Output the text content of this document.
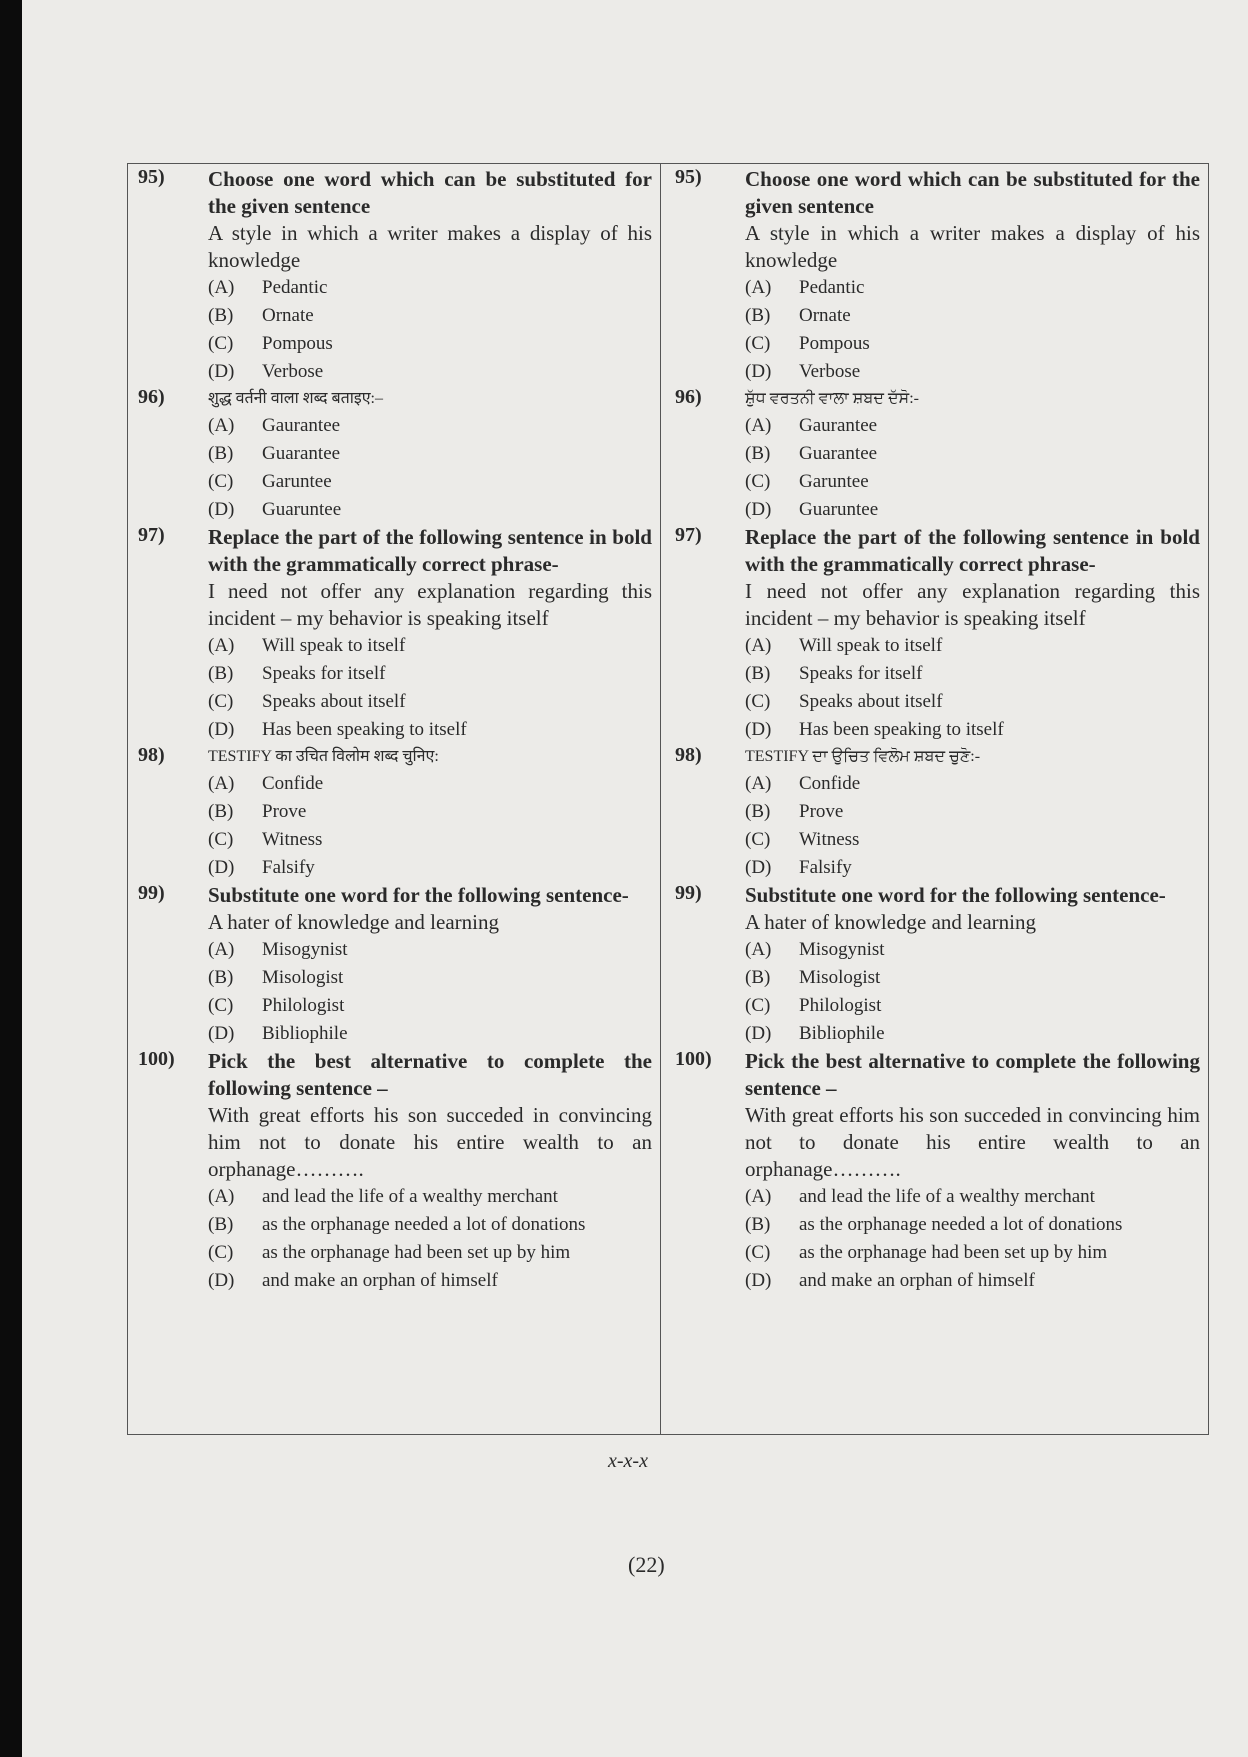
95) Choose one word which can be substituted for the given sentence
A style in which a writer makes a display of his knowledge
(A)	Pedantic
(B)	Ornate
(C)	Pompous
(D)	Verbose
96)	शुद्ध वर्तनी वाला शब्द बताइए:–
(A)	Gaurantee
(B)	Guarantee
(C)	Garuntee
(D)	Guaruntee
97) Replace the part of the following sentence in bold with the grammatically correct phrase-
I need not offer any explanation regarding this incident – my behavior is speaking itself
(A)	Will speak to itself
(B)	Speaks for itself
(C)	Speaks about itself
(D)	Has been speaking to itself
98)	TESTIFY का उचित विलोम शब्द चुनिए:
(A)	Confide
(B)	Prove
(C)	Witness
(D)	Falsify
99) Substitute one word for the following sentence-
A hater of knowledge and learning
(A)	Misogynist
(B)	Misologist
(C)	Philologist
(D)	Bibliophile
100) Pick the best alternative to complete the following sentence –
With great efforts his son succeded in convincing him not to donate his entire wealth to an orphanage……….
(A)	and lead the life of a wealthy merchant
(B)	as the orphanage needed a lot of donations
(C)	as the orphanage had been set up by him
(D)	and make an orphan of himself
95) Choose one word which can be substituted for the given sentence
A style in which a writer makes a display of his knowledge
(A)	Pedantic
(B)	Ornate
(C)	Pompous
(D)	Verbose
96)	ਸ਼ੁੱਧ ਵਰਤਨੀ ਵਾਲਾ ਸ਼ਬਦ ਦੱਸੋ:-
(A)	Gaurantee
(B)	Guarantee
(C)	Garuntee
(D)	Guaruntee
97) Replace the part of the following sentence in bold with the grammatically correct phrase-
I need not offer any explanation regarding this incident – my behavior is speaking itself
(A)	Will speak to itself
(B)	Speaks for itself
(C)	Speaks about itself
(D)	Has been speaking to itself
98)	TESTIFY ਦਾ ਉਚਿਤ ਵਿਲੋਮ ਸ਼ਬਦ ਚੁਣੋ:-
(A)	Confide
(B)	Prove
(C)	Witness
(D)	Falsify
99) Substitute one word for the following sentence-
A hater of knowledge and learning
(A)	Misogynist
(B)	Misologist
(C)	Philologist
(D)	Bibliophile
100) Pick the best alternative to complete the following sentence –
With great efforts his son succeded in convincing him not to donate his entire wealth to an orphanage……….
(A)	and lead the life of a wealthy merchant
(B)	as the orphanage needed a lot of donations
(C)	as the orphanage had been set up by him
(D)	and make an orphan of himself
x-x-x
(22)
